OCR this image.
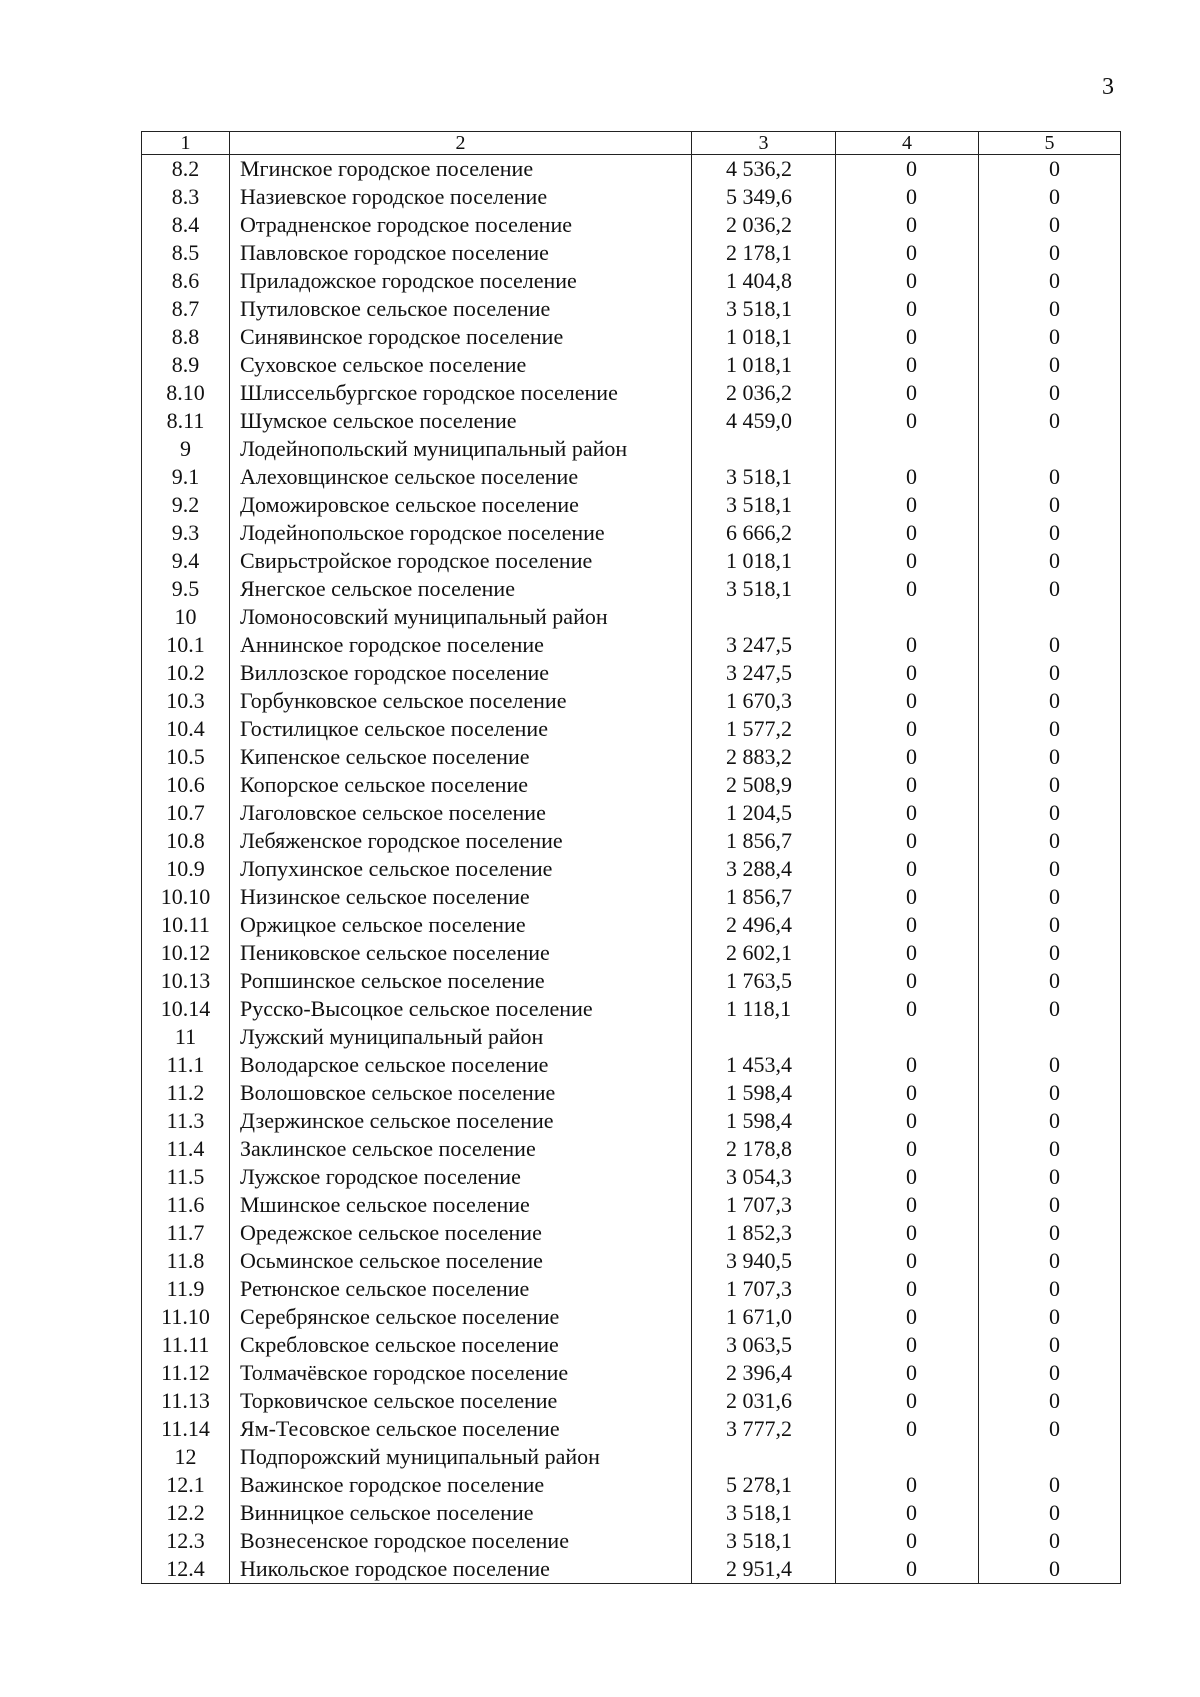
3
1	2	3	4	5
8.2	Мгинское городское поселение	4 536,2	0	0
8.3	Назиевское городское поселение	5 349,6	0	0
8.4	Отрадненское городское поселение	2 036,2	0	0
8.5	Павловское городское поселение	2 178,1	0	0
8.6	Приладожское городское поселение	1 404,8	0	0
8.7	Путиловское сельское поселение	3 518,1	0	0
8.8	Синявинское городское поселение	1 018,1	0	0
8.9	Суховское сельское поселение	1 018,1	0	0
8.10	Шлиссельбургское городское поселение	2 036,2	0	0
8.11	Шумское сельское поселение	4 459,0	0	0
9	Лодейнопольский муниципальный район			
9.1	Алеховщинское сельское поселение	3 518,1	0	0
9.2	Доможировское сельское поселение	3 518,1	0	0
9.3	Лодейнопольское городское поселение	6 666,2	0	0
9.4	Свирьстройское городское поселение	1 018,1	0	0
9.5	Янегское сельское поселение	3 518,1	0	0
10	Ломоносовский муниципальный район			
10.1	Аннинское городское поселение	3 247,5	0	0
10.2	Виллозское городское поселение	3 247,5	0	0
10.3	Горбунковское сельское поселение	1 670,3	0	0
10.4	Гостилицкое сельское поселение	1 577,2	0	0
10.5	Кипенское сельское поселение	2 883,2	0	0
10.6	Копорское сельское поселение	2 508,9	0	0
10.7	Лаголовское сельское поселение	1 204,5	0	0
10.8	Лебяженское городское поселение	1 856,7	0	0
10.9	Лопухинское сельское поселение	3 288,4	0	0
10.10	Низинское сельское поселение	1 856,7	0	0
10.11	Оржицкое сельское поселение	2 496,4	0	0
10.12	Пениковское сельское поселение	2 602,1	0	0
10.13	Ропшинское сельское поселение	1 763,5	0	0
10.14	Русско-Высоцкое сельское поселение	1 118,1	0	0
11	Лужский муниципальный район			
11.1	Володарское сельское поселение	1 453,4	0	0
11.2	Волошовское сельское поселение	1 598,4	0	0
11.3	Дзержинское сельское поселение	1 598,4	0	0
11.4	Заклинское сельское поселение	2 178,8	0	0
11.5	Лужское городское поселение	3 054,3	0	0
11.6	Мшинское сельское поселение	1 707,3	0	0
11.7	Оредежское сельское поселение	1 852,3	0	0
11.8	Осьминское сельское поселение	3 940,5	0	0
11.9	Ретюнское сельское поселение	1 707,3	0	0
11.10	Серебрянское сельское поселение	1 671,0	0	0
11.11	Скребловское сельское поселение	3 063,5	0	0
11.12	Толмачёвское городское поселение	2 396,4	0	0
11.13	Торковичское сельское поселение	2 031,6	0	0
11.14	Ям-Тесовское сельское поселение	3 777,2	0	0
12	Подпорожский муниципальный район			
12.1	Важинское городское поселение	5 278,1	0	0
12.2	Винницкое сельское поселение	3 518,1	0	0
12.3	Вознесенское городское поселение	3 518,1	0	0
12.4	Никольское городское поселение	2 951,4	0	0
